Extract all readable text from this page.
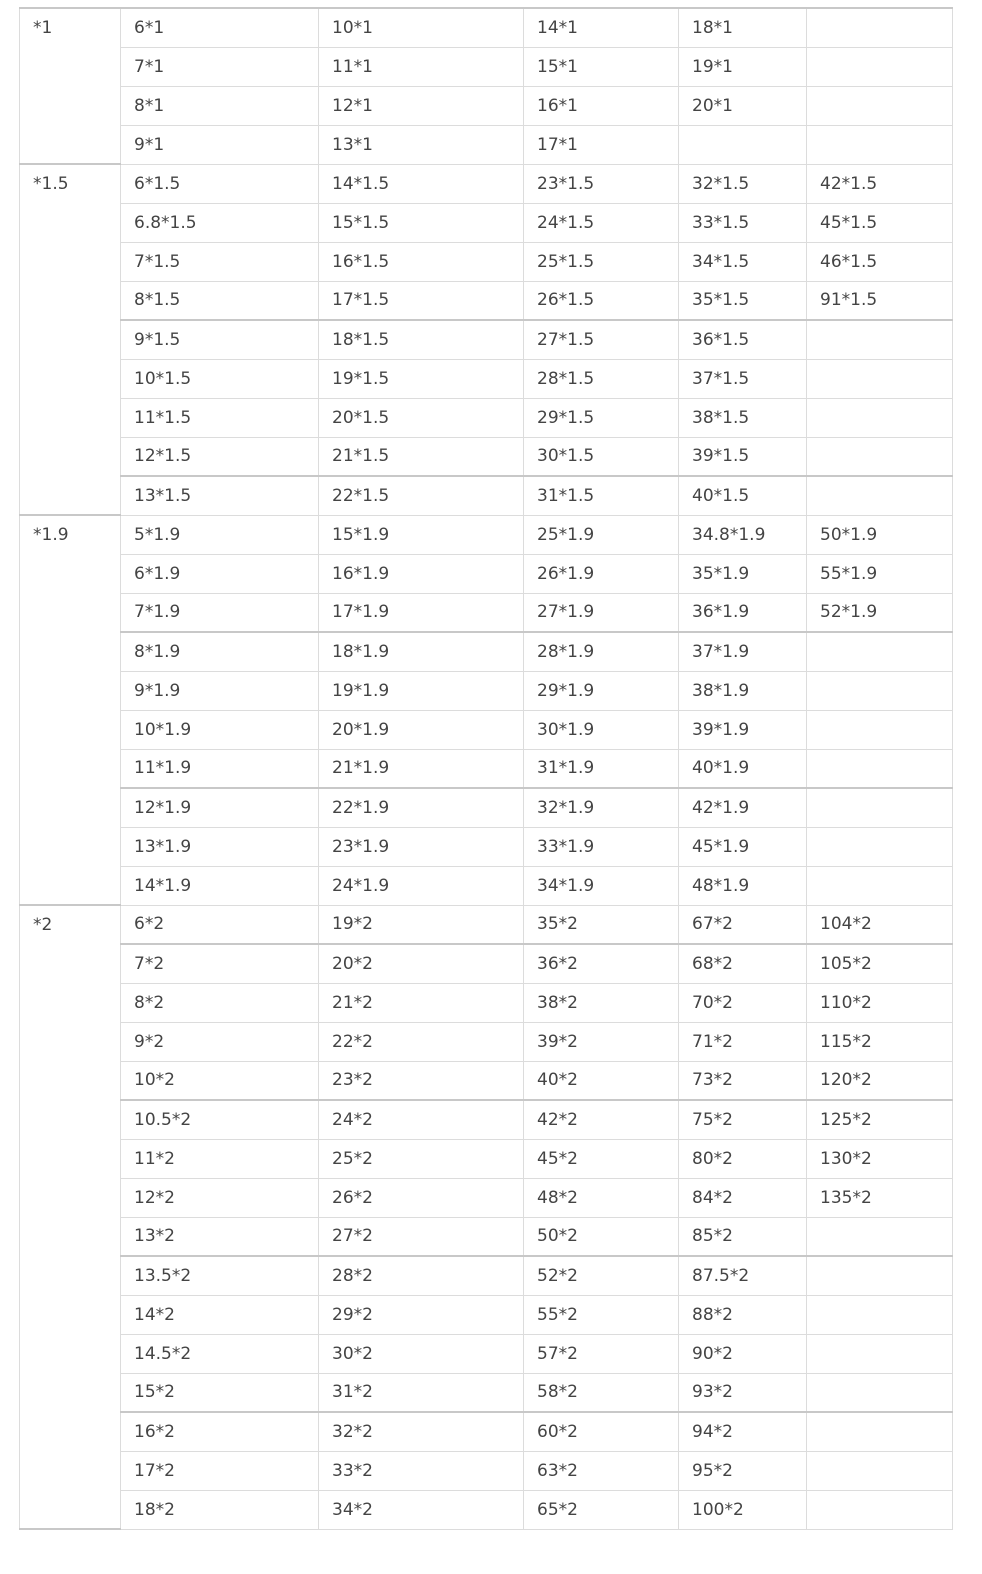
*1	6*1	10*1	14*1	18*1	
	7*1	11*1	15*1	19*1	
	8*1	12*1	16*1	20*1	
	9*1	13*1	17*1		
*1.5	6*1.5	14*1.5	23*1.5	32*1.5	42*1.5
	6.8*1.5	15*1.5	24*1.5	33*1.5	45*1.5
	7*1.5	16*1.5	25*1.5	34*1.5	46*1.5
	8*1.5	17*1.5	26*1.5	35*1.5	91*1.5
	9*1.5	18*1.5	27*1.5	36*1.5	
	10*1.5	19*1.5	28*1.5	37*1.5	
	11*1.5	20*1.5	29*1.5	38*1.5	
	12*1.5	21*1.5	30*1.5	39*1.5	
	13*1.5	22*1.5	31*1.5	40*1.5	
*1.9	5*1.9	15*1.9	25*1.9	34.8*1.9	50*1.9
	6*1.9	16*1.9	26*1.9	35*1.9	55*1.9
	7*1.9	17*1.9	27*1.9	36*1.9	52*1.9
	8*1.9	18*1.9	28*1.9	37*1.9	
	9*1.9	19*1.9	29*1.9	38*1.9	
	10*1.9	20*1.9	30*1.9	39*1.9	
	11*1.9	21*1.9	31*1.9	40*1.9	
	12*1.9	22*1.9	32*1.9	42*1.9	
	13*1.9	23*1.9	33*1.9	45*1.9	
	14*1.9	24*1.9	34*1.9	48*1.9	
*2	6*2	19*2	35*2	67*2	104*2
	7*2	20*2	36*2	68*2	105*2
	8*2	21*2	38*2	70*2	110*2
	9*2	22*2	39*2	71*2	115*2
	10*2	23*2	40*2	73*2	120*2
	10.5*2	24*2	42*2	75*2	125*2
	11*2	25*2	45*2	80*2	130*2
	12*2	26*2	48*2	84*2	135*2
	13*2	27*2	50*2	85*2	
	13.5*2	28*2	52*2	87.5*2	
	14*2	29*2	55*2	88*2	
	14.5*2	30*2	57*2	90*2	
	15*2	31*2	58*2	93*2	
	16*2	32*2	60*2	94*2	
	17*2	33*2	63*2	95*2	
	18*2	34*2	65*2	100*2	
